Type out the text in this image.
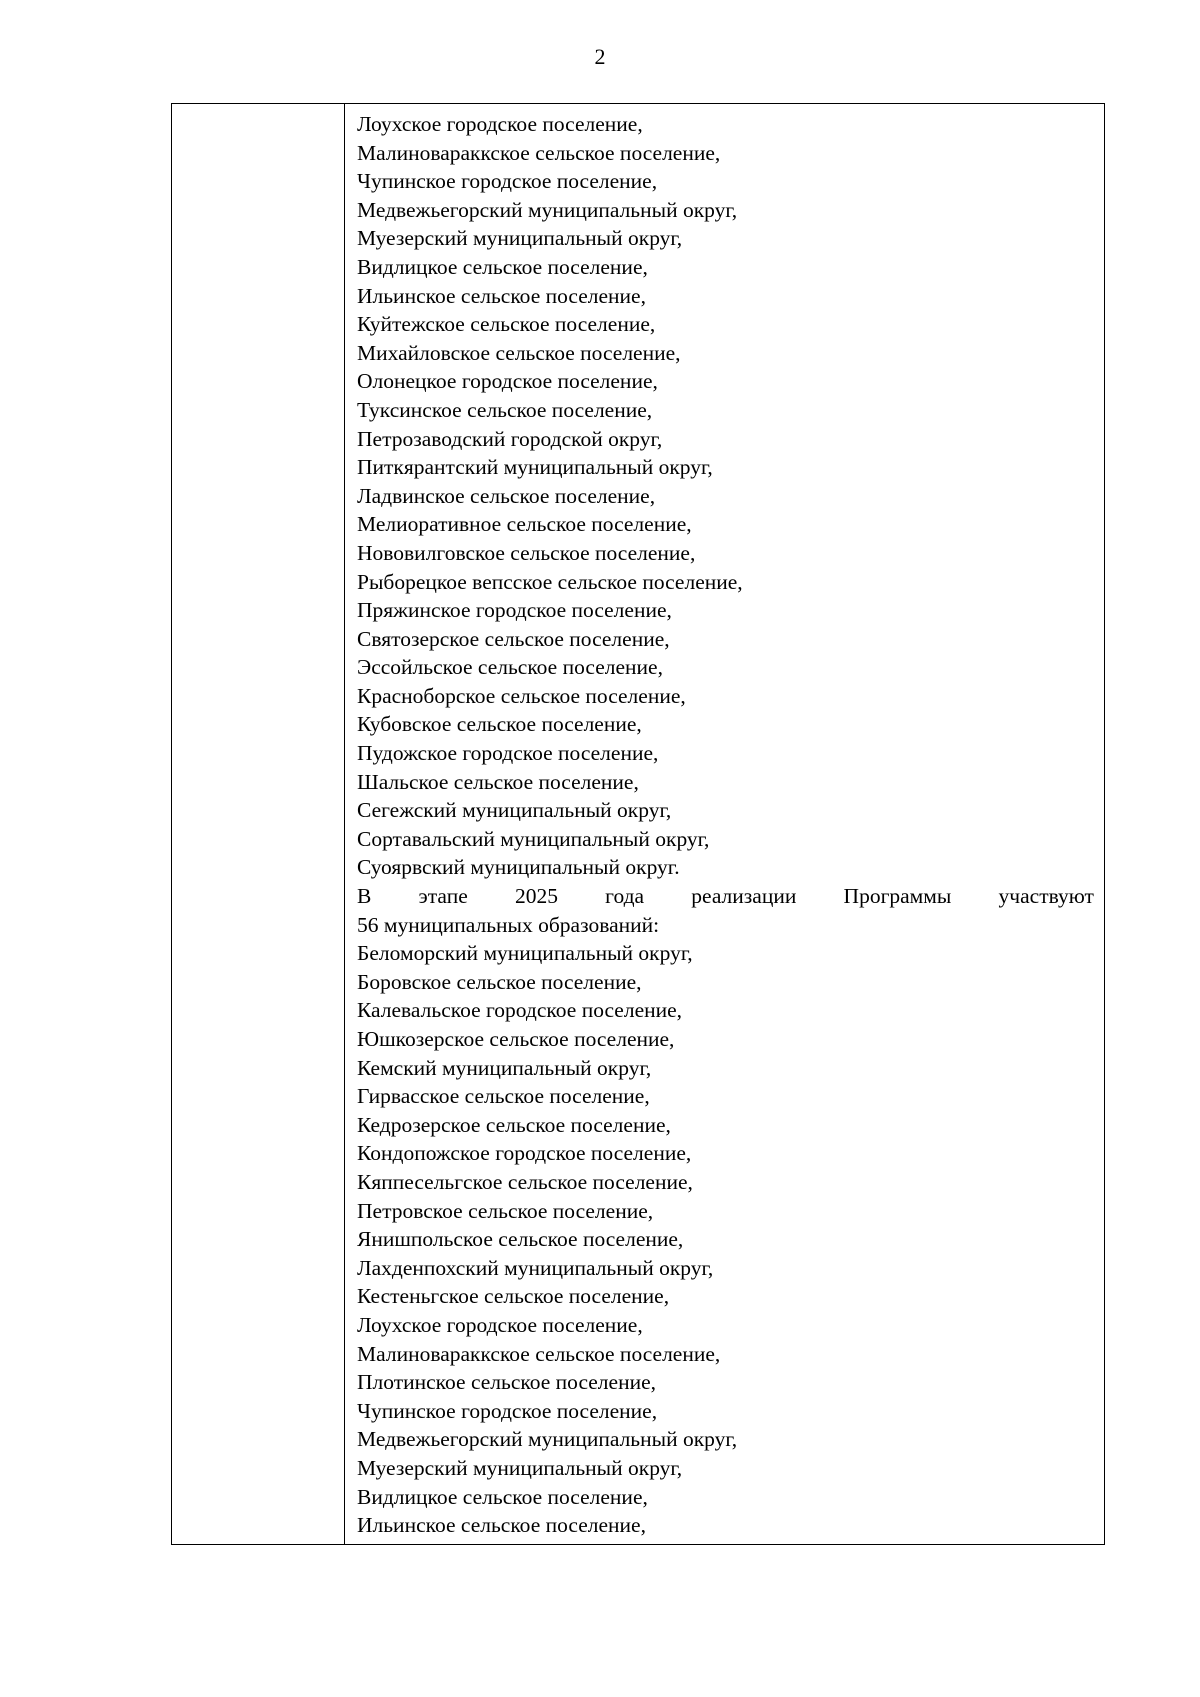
2
Лоухское городское поселение,
Малиновараккское сельское поселение,
Чупинское городское поселение,
Медвежьегорский муниципальный округ,
Муезерский муниципальный округ,
Видлицкое сельское поселение,
Ильинское сельское поселение,
Куйтежское сельское поселение,
Михайловское сельское поселение,
Олонецкое городское поселение,
Туксинское сельское поселение,
Петрозаводский городской округ,
Питкярантский муниципальный округ,
Ладвинское сельское поселение,
Мелиоративное сельское поселение,
Нововилговское сельское поселение,
Рыборецкое вепсское сельское поселение,
Пряжинское городское поселение,
Святозерское сельское поселение,
Эссойльское сельское поселение,
Красноборское сельское поселение,
Кубовское сельское поселение,
Пудожское городское поселение,
Шальское сельское поселение,
Сегежский муниципальный округ,
Сортавальский муниципальный округ,
Суоярвский муниципальный округ.
В этапе 2025 года реализации Программы участвуют
56 муниципальных образований:
Беломорский муниципальный округ,
Боровское сельское поселение,
Калевальское городское поселение,
Юшкозерское сельское поселение,
Кемский муниципальный округ,
Гирвасское сельское поселение,
Кедрозерское сельское поселение,
Кондопожское городское поселение,
Кяппесельгское сельское поселение,
Петровское сельское поселение,
Янишпольское сельское поселение,
Лахденпохский муниципальный округ,
Кестеньгское сельское поселение,
Лоухское городское поселение,
Малиновараккское сельское поселение,
Плотинское сельское поселение,
Чупинское городское поселение,
Медвежьегорский муниципальный округ,
Муезерский муниципальный округ,
Видлицкое сельское поселение,
Ильинское сельское поселение,
